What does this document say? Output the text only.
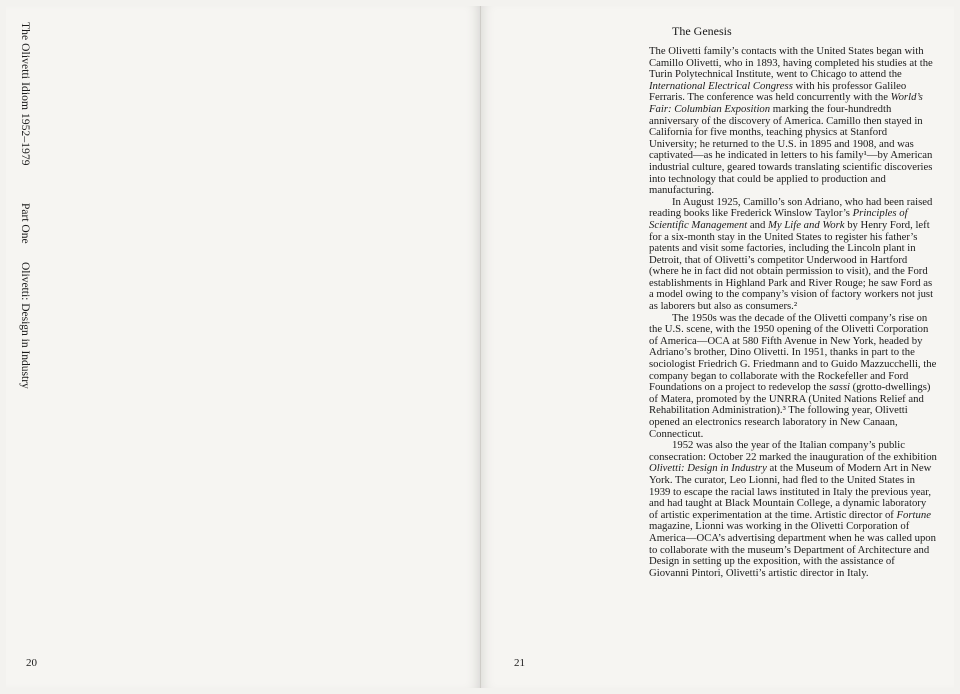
The Olivetti Idiom 1952–1979
Part One Olivetti: Design in Industry
20	21
The Genesis

The Olivetti family’s contacts with the United States began with Camillo Olivetti, who in 1893, having completed his studies at the Turin Polytechnical Institute, went to Chicago to attend the International Electrical Congress with his professor Galileo Ferraris. The conference was held concurrently with the World’s Fair: Columbian Exposition marking the four-hundredth anniversary of the discovery of America. Camillo then stayed in California for five months, teaching physics at Stanford University; he returned to the U.S. in 1895 and 1908, and was captivated—as he indicated in letters to his family¹—by American industrial culture, geared towards translating scientific discoveries into technology that could be applied to production and manufacturing.

In August 1925, Camillo’s son Adriano, who had been raised reading books like Frederick Winslow Taylor’s Principles of Scientific Management and My Life and Work by Henry Ford, left for a six-month stay in the United States to register his father’s patents and visit some factories, including the Lincoln plant in Detroit, that of Olivetti’s competitor Underwood in Hartford (where he in fact did not obtain permission to visit), and the Ford establishments in Highland Park and River Rouge; he saw Ford as a model owing to the company’s vision of factory workers not just as laborers but also as consumers.²

The 1950s was the decade of the Olivetti company’s rise on the U.S. scene, with the 1950 opening of the Olivetti Corporation of America—OCA at 580 Fifth Avenue in New York, headed by Adriano’s brother, Dino Olivetti. In 1951, thanks in part to the sociologist Friedrich G. Friedmann and to Guido Mazzucchelli, the company began to collaborate with the Rockefeller and Ford Foundations on a project to redevelop the sassi (grotto-dwellings) of Matera, promoted by the UNRRA (United Nations Relief and Rehabilitation Administration).³ The following year, Olivetti opened an electronics research laboratory in New Canaan, Connecticut.

1952 was also the year of the Italian company’s public consecration: October 22 marked the inauguration of the exhibition Olivetti: Design in Industry at the Museum of Modern Art in New York. The curator, Leo Lionni, had fled to the United States in 1939 to escape the racial laws instituted in Italy the previous year, and had taught at Black Mountain College, a dynamic laboratory of artistic experimentation at the time. Artistic director of Fortune magazine, Lionni was working in the Olivetti Corporation of America—OCA’s advertising department when he was called upon to collaborate with the museum’s Department of Architecture and Design in setting up the exposition, with the assistance of Giovanni Pintori, Olivetti’s artistic director in Italy.
